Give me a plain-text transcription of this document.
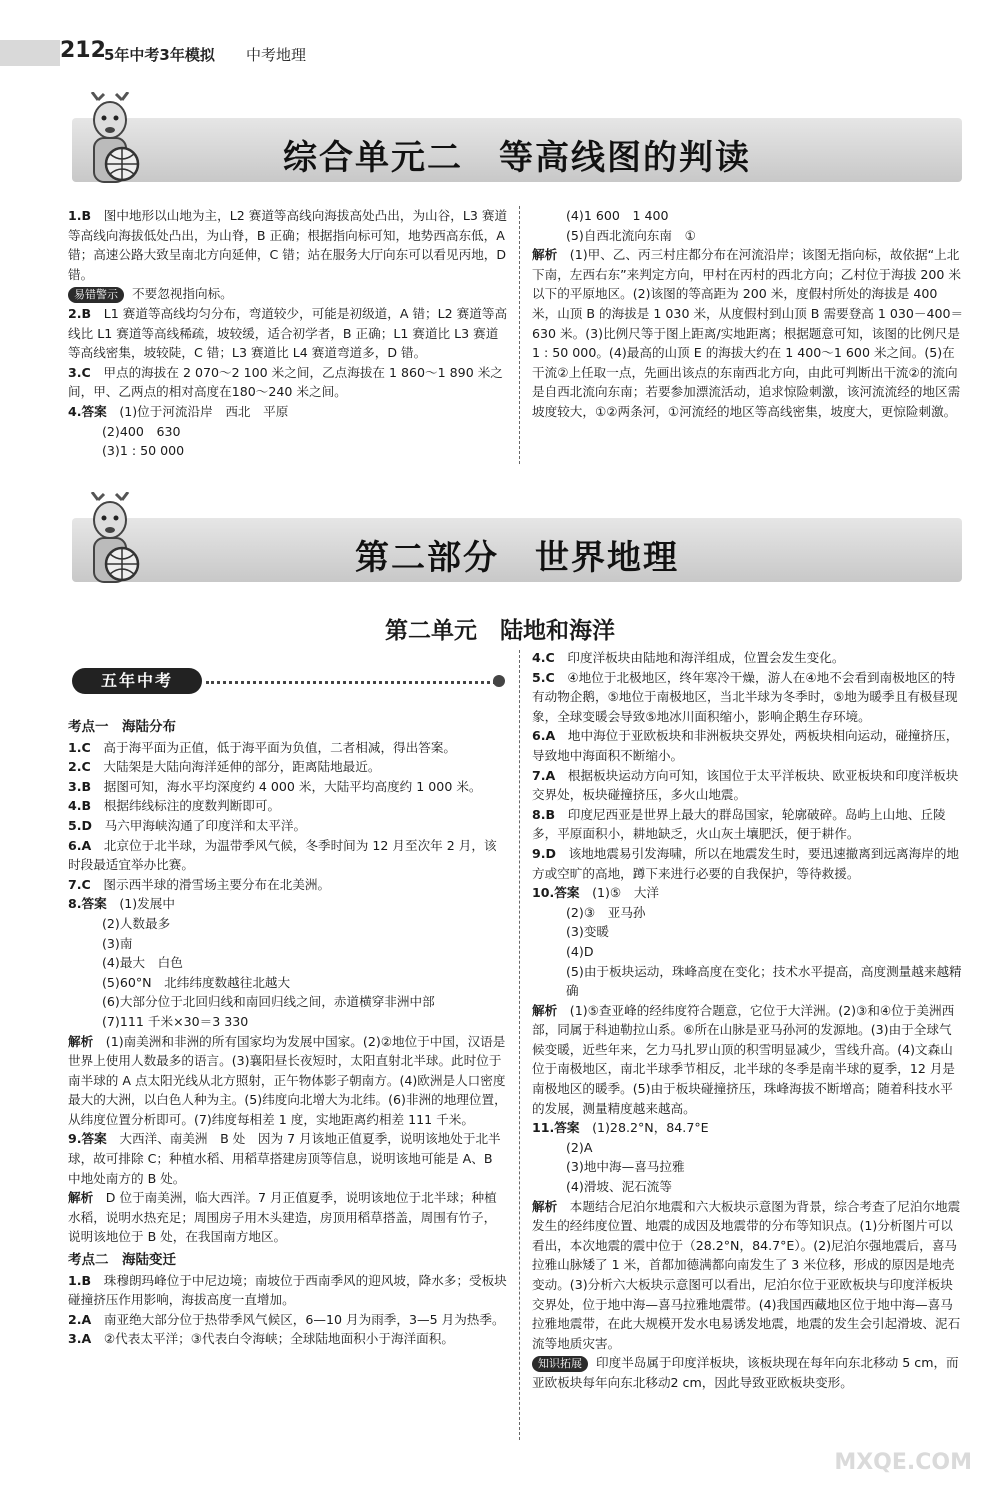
212
5年中考3年模拟 中考地理
综合单元二　等高线图的判读

1.B　图中地形以山地为主，L2 赛道等高线向海拔高处凸出，为山谷，L3 赛道等高线向海拔低处凸出，为山脊，B 正确；根据指向标可知，地势西高东低，A 错；高速公路大致呈南北方向延伸，C 错；站在服务大厅向东可以看见丙地，D 错。

易错警示 不要忽视指向标。

2.B　L1 赛道等高线均匀分布，弯道较少，可能是初级道，A 错；L2 赛道等高线比 L1 赛道等高线稀疏，坡较缓，适合初学者，B 正确；L1 赛道比 L3 赛道等高线密集，坡较陡，C 错；L3 赛道比 L4 赛道弯道多，D 错。

3.C　甲点的海拔在 2 070～2 100 米之间，乙点海拔在 1 860～1 890 米之间，甲、乙两点的相对高度在180～240 米之间。

4.答案　(1)位于河流沿岸　西北　平原

(2)400　630

(3)1 : 50 000

(4)1 600　1 400

(5)自西北流向东南　①

解析　(1)甲、乙、丙三村庄都分布在河流沿岸；该图无指向标，故依据“上北下南，左西右东”来判定方向，甲村在丙村的西北方向；乙村位于海拔 200 米以下的平原地区。(2)该图的等高距为 200 米，度假村所处的海拔是 400 米，山顶 B 的海拔是 1 030 米，从度假村到山顶 B 需要登高 1 030－400＝630 米。(3)比例尺等于图上距离/实地距离；根据题意可知，该图的比例尺是 1 : 50 000。(4)最高的山顶 E 的海拔大约在 1 400～1 600 米之间。(5)在干流②上任取一点，先画出该点的东南西北方向，由此可判断出干流②的流向是自西北流向东南；若要参加漂流活动，追求惊险刺激，该河流流经的地区需坡度较大，①②两条河，①河流经的地区等高线密集，坡度大，更惊险刺激。

第二部分　世界地理
第二单元　陆地和海洋
五年中考

考点一　海陆分布

1.C　高于海平面为正值，低于海平面为负值，二者相减，得出答案。

2.C　大陆架是大陆向海洋延伸的部分，距离陆地最近。

3.B　据图可知，海水平均深度约 4 000 米，大陆平均高度约 1 000 米。

4.B　根据纬线标注的度数判断即可。

5.D　马六甲海峡沟通了印度洋和太平洋。

6.A　北京位于北半球，为温带季风气候，冬季时间为 12 月至次年 2 月，该时段最适宜举办比赛。

7.C　图示西半球的滑雪场主要分布在北美洲。

8.答案　(1)发展中

(2)人数最多

(3)南

(4)最大　白色

(5)60°N　北纬纬度数越往北越大

(6)大部分位于北回归线和南回归线之间，赤道横穿非洲中部

(7)111 千米×30＝3 330

解析　(1)南美洲和非洲的所有国家均为发展中国家。(2)②地位于中国，汉语是世界上使用人数最多的语言。(3)襄阳昼长夜短时，太阳直射北半球。此时位于南半球的 A 点太阳光线从北方照射，正午物体影子朝南方。(4)欧洲是人口密度最大的大洲，以白色人种为主。(5)纬度向北增大为北纬。(6)非洲的地理位置，从纬度位置分析即可。(7)纬度每相差 1 度，实地距离约相差 111 千米。

9.答案　大西洋、南美洲　B 处　因为 7 月该地正值夏季，说明该地处于北半球，故可排除 C；种植水稻、用稻草搭建房顶等信息，说明该地可能是 A、B 中地处南方的 B 处。

解析　D 位于南美洲，临大西洋。7 月正值夏季，说明该地位于北半球；种植水稻，说明水热充足；周围房子用木头建造，房顶用稻草搭盖，周围有竹子，说明该地位于 B 处，在我国南方地区。

考点二　海陆变迁

1.B　珠穆朗玛峰位于中尼边境；南坡位于西南季风的迎风坡，降水多；受板块碰撞挤压作用影响，海拔高度一直增加。

2.A　南亚绝大部分位于热带季风气候区，6—10 月为雨季，3—5 月为热季。

3.A　②代表太平洋；③代表白令海峡；全球陆地面积小于海洋面积。

4.C　印度洋板块由陆地和海洋组成，位置会发生变化。

5.C　④地位于北极地区，终年寒冷干燥，游人在④地不会看到南极地区的特有动物企鹅，⑤地位于南极地区，当北半球为冬季时，⑤地为暖季且有极昼现象，全球变暖会导致⑤地冰川面积缩小，影响企鹅生存环境。

6.A　地中海位于亚欧板块和非洲板块交界处，两板块相向运动，碰撞挤压，导致地中海面积不断缩小。

7.A　根据板块运动方向可知，该国位于太平洋板块、欧亚板块和印度洋板块交界处，板块碰撞挤压，多火山地震。

8.B　印度尼西亚是世界上最大的群岛国家，轮廓破碎。岛屿上山地、丘陵多，平原面积小，耕地缺乏，火山灰土壤肥沃，便于耕作。

9.D　该地地震易引发海啸，所以在地震发生时，要迅速撤离到远离海岸的地方或空旷的高地，蹲下来进行必要的自我保护，等待救援。

10.答案　(1)⑤　大洋

(2)③　亚马孙

(3)变暖

(4)D

(5)由于板块运动，珠峰高度在变化；技术水平提高，高度测量越来越精确

解析　(1)⑤查亚峰的经纬度符合题意，它位于大洋洲。(2)③和④位于美洲西部，同属于科迪勒拉山系。⑥所在山脉是亚马孙河的发源地。(3)由于全球气候变暖，近些年来，乞力马扎罗山顶的积雪明显减少，雪线升高。(4)文森山位于南极地区，南北半球季节相反，北半球的冬季是南半球的夏季，12 月是南极地区的暖季。(5)由于板块碰撞挤压，珠峰海拔不断增高；随着科技水平的发展，测量精度越来越高。

11.答案　(1)28.2°N，84.7°E

(2)A

(3)地中海—喜马拉雅

(4)滑坡、泥石流等

解析　本题结合尼泊尔地震和六大板块示意图为背景，综合考查了尼泊尔地震发生的经纬度位置、地震的成因及地震带的分布等知识点。(1)分析图片可以看出，本次地震的震中位于（28.2°N，84.7°E）。(2)尼泊尔强地震后，喜马拉雅山脉矮了 1 米，首都加德满都向南发生了 3 米位移，形成的原因是地壳变动。(3)分析六大板块示意图可以看出，尼泊尔位于亚欧板块与印度洋板块交界处，位于地中海—喜马拉雅地震带。(4)我国西藏地区位于地中海—喜马拉雅地震带，在此大规模开发水电易诱发地震，地震的发生会引起滑坡、泥石流等地质灾害。

知识拓展 印度半岛属于印度洋板块，该板块现在每年向东北移动 5 cm，而亚欧板块每年向东北移动2 cm，因此导致亚欧板块变形。

MXQE.COM
